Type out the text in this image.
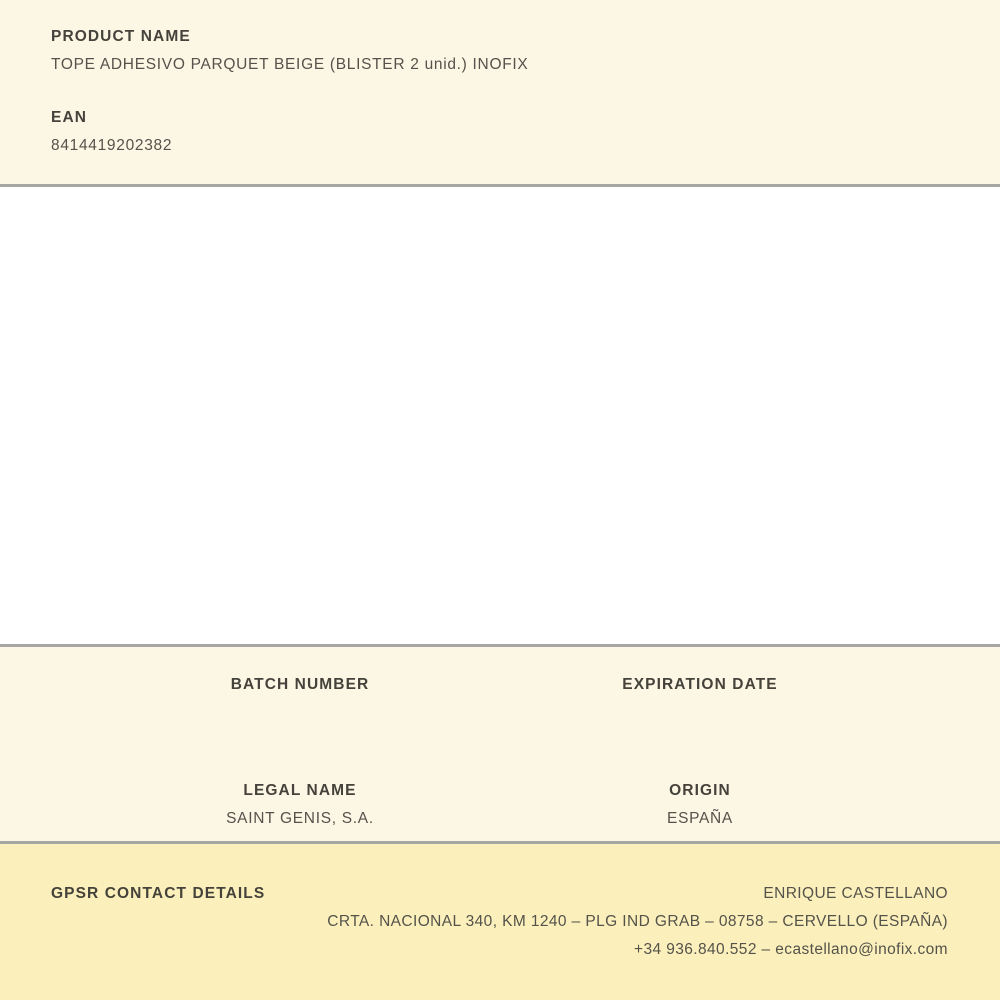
PRODUCT NAME
TOPE ADHESIVO PARQUET BEIGE (BLISTER 2 unid.) INOFIX
EAN
8414419202382
BATCH NUMBER	EXPIRATION DATE
LEGAL NAME
SAINT GENIS, S.A.
ORIGIN
ESPAÑA
GPSR CONTACT DETAILS	ENRIQUE CASTELLANO
CRTA. NACIONAL 340, KM 1240 – PLG IND GRAB – 08758 – CERVELLO (ESPAÑA)
+34 936.840.552 – ecastellano@inofix.com
